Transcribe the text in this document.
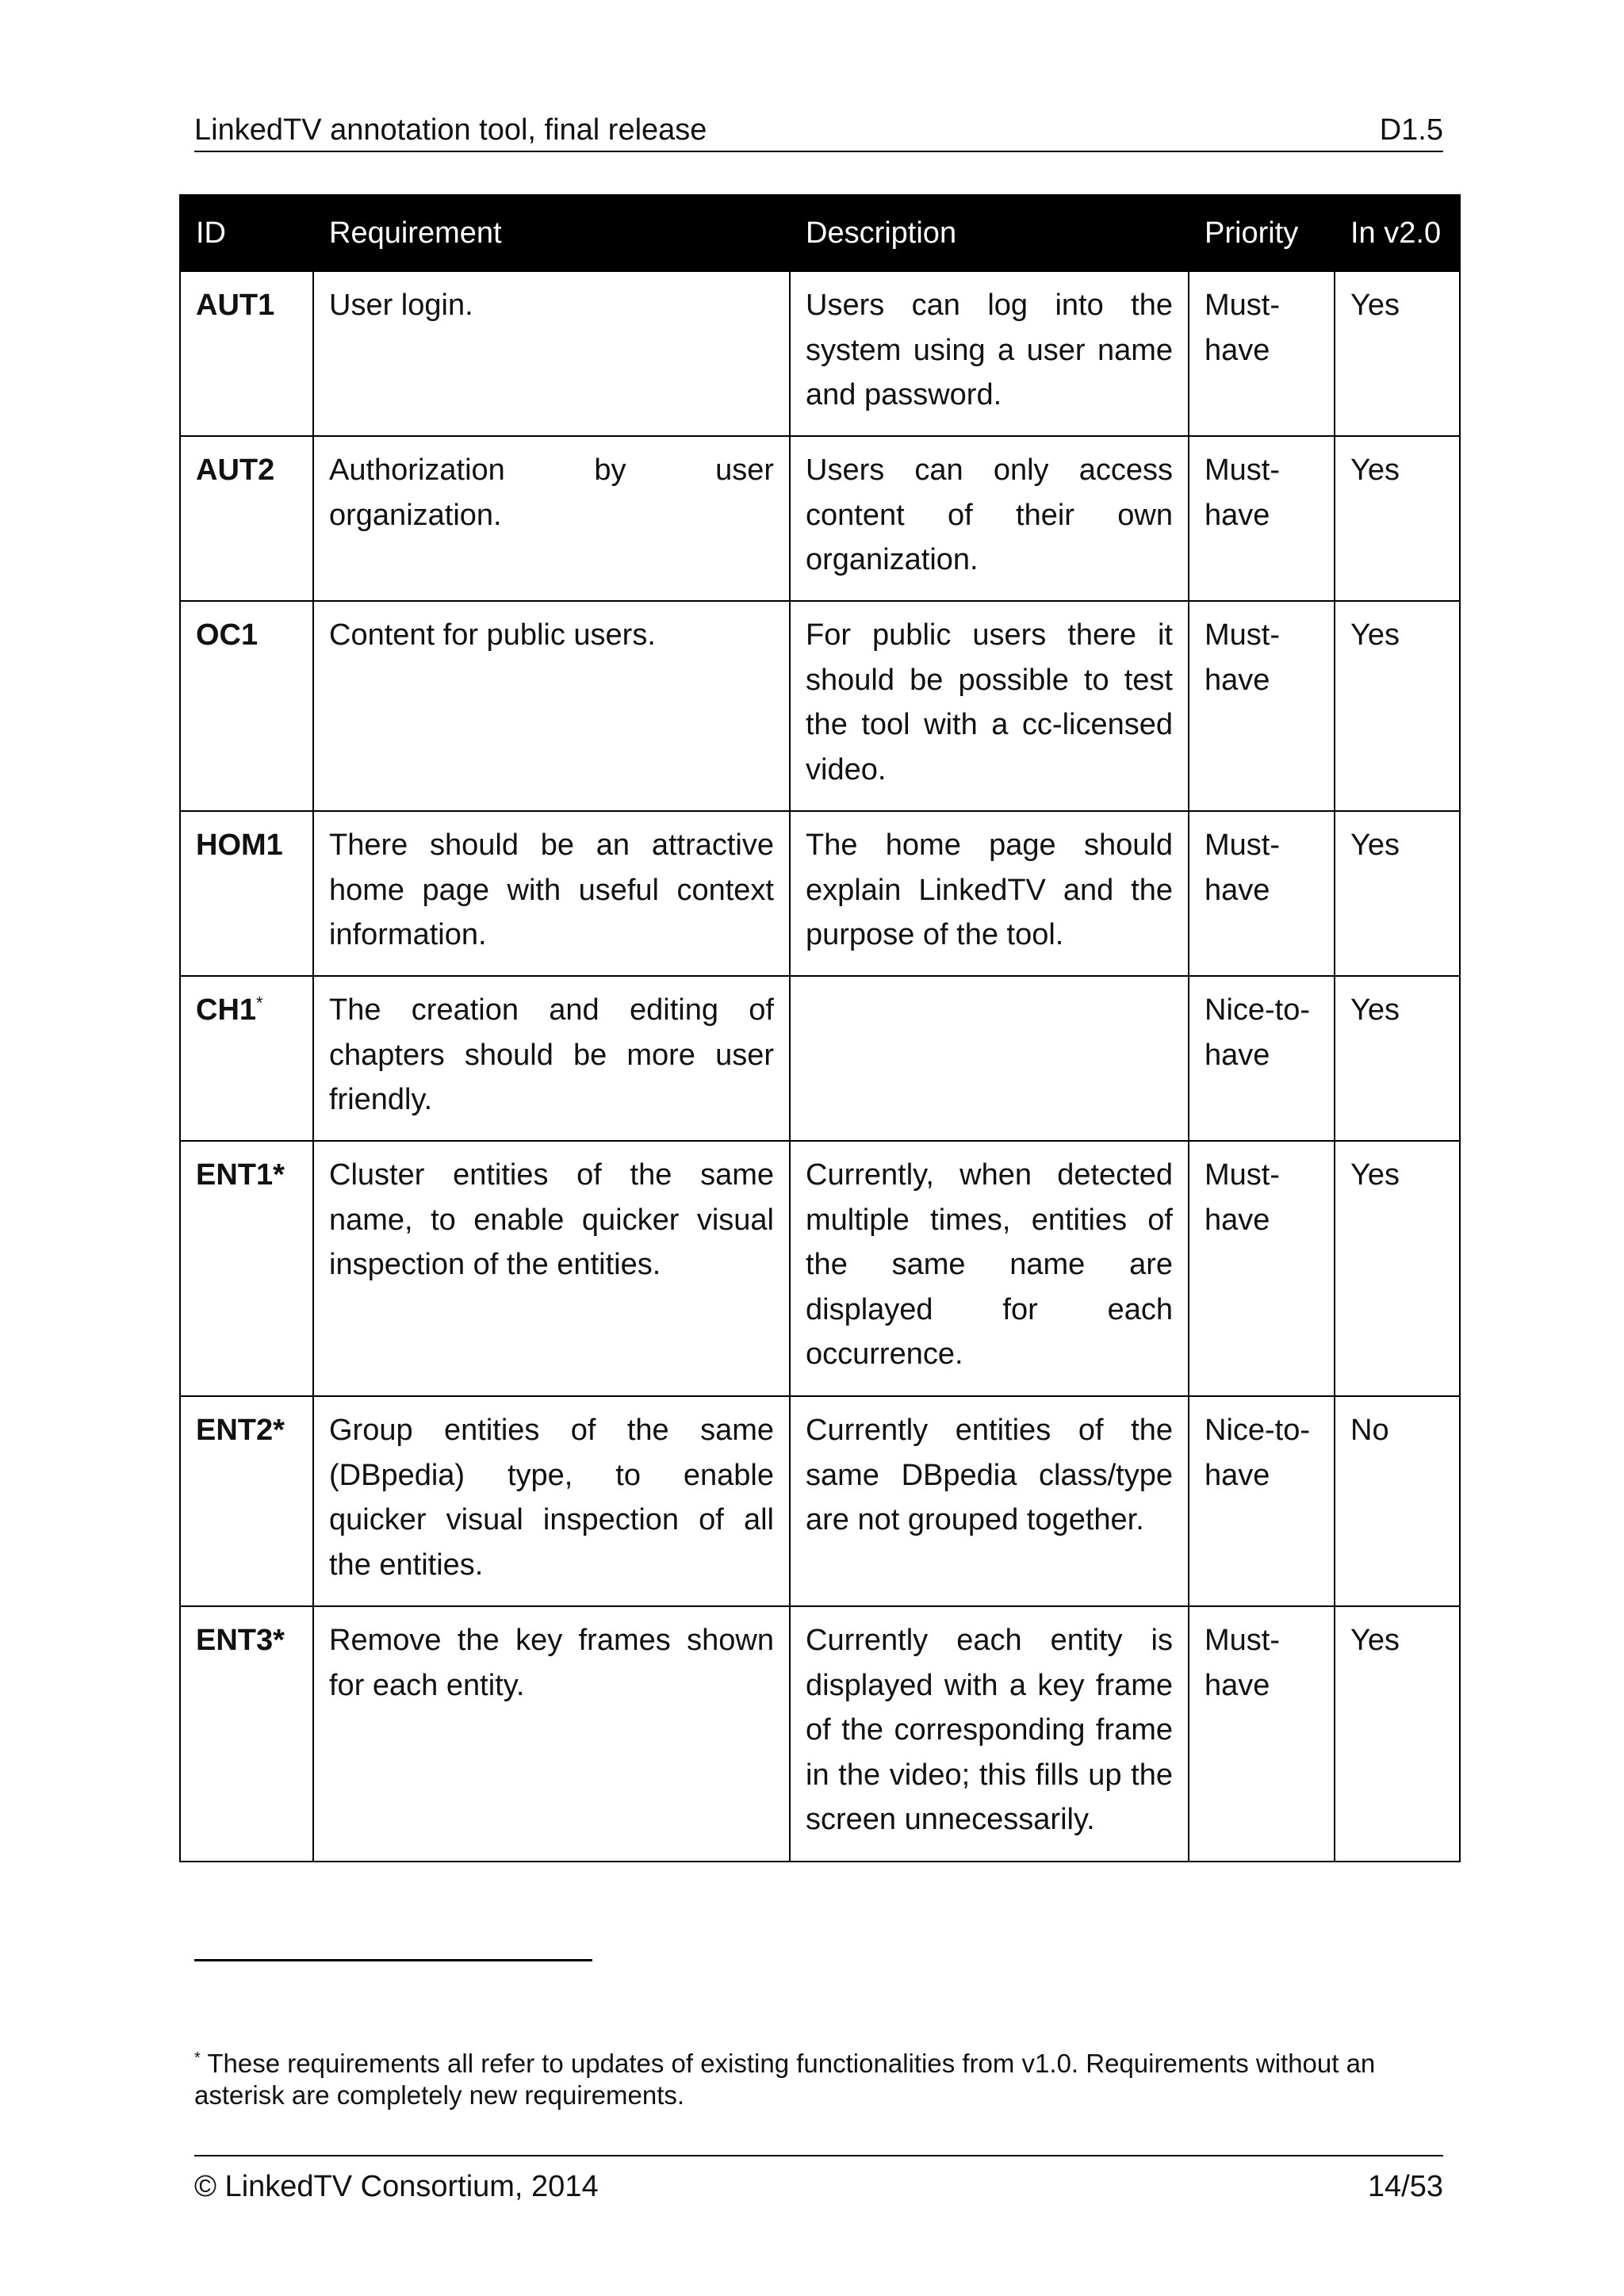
LinkedTV annotation tool, final release	D1.5
ID	Requirement	Description	Priority	In v2.0
AUT1	User login.	Users can log into the system using a user name and password.	Must-have	Yes
AUT2	Authorization by user organization.	Users can only access content of their own organization.	Must-have	Yes
OC1	Content for public users.	For public users there it should be possible to test the tool with a cc-licensed video.	Must-have	Yes
HOM1	There should be an attractive home page with useful context information.	The home page should explain LinkedTV and the purpose of the tool.	Must-have	Yes
CH1*	The creation and editing of chapters should be more user friendly.		Nice-to-have	Yes
ENT1*	Cluster entities of the same name, to enable quicker visual inspection of the entities.	Currently, when detected multiple times, entities of the same name are displayed for each occurrence.	Must-have	Yes
ENT2*	Group entities of the same (DBpedia) type, to enable quicker visual inspection of all the entities.	Currently entities of the same DBpedia class/type are not grouped together.	Nice-to-have	No
ENT3*	Remove the key frames shown for each entity.	Currently each entity is displayed with a key frame of the corresponding frame in the video; this fills up the screen unnecessarily.	Must-have	Yes
* These requirements all refer to updates of existing functionalities from v1.0. Requirements without an asterisk are completely new requirements.
© LinkedTV Consortium, 2014	14/53
